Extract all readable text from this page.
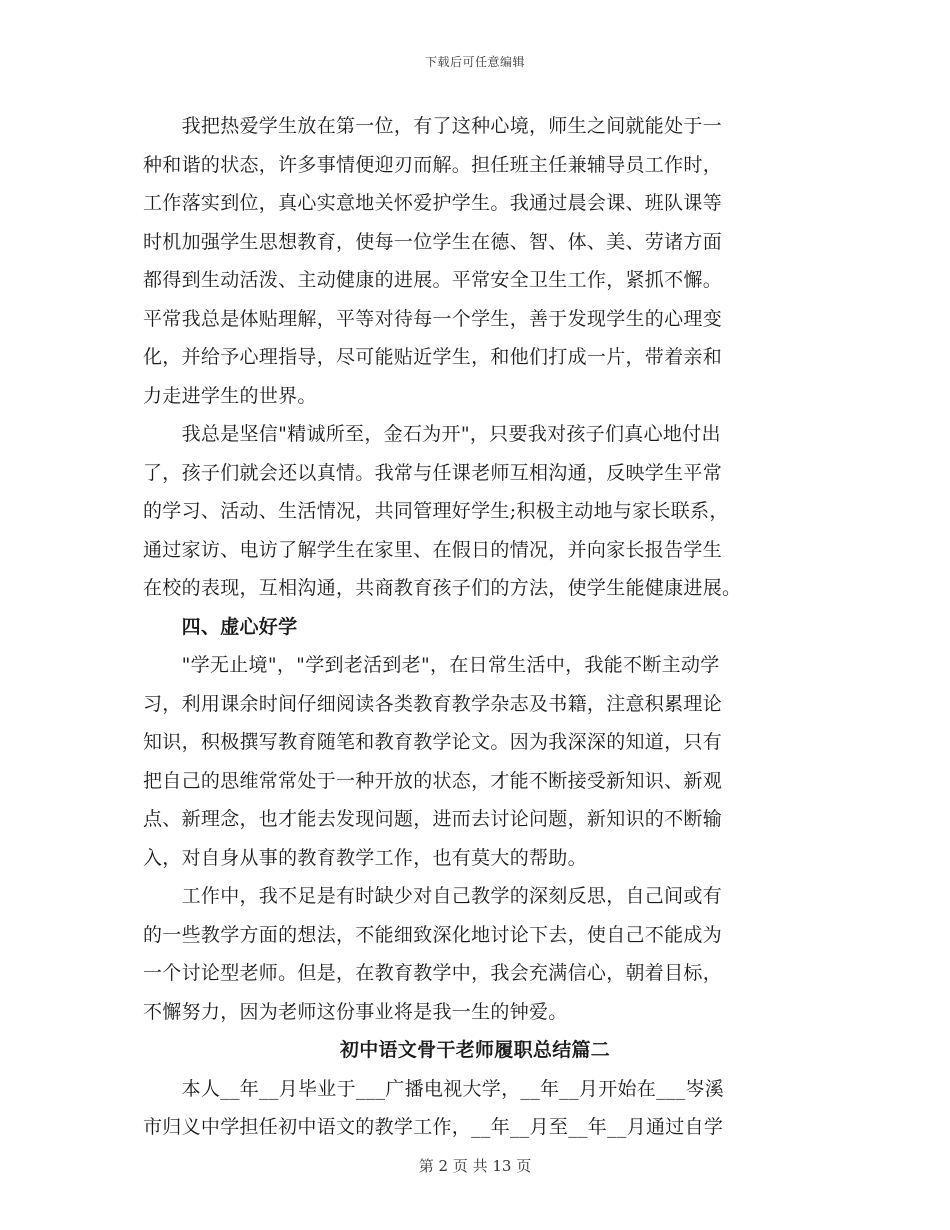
下载后可任意编辑
　　我把热爱学生放在第一位，有了这种心境，师生之间就能处于一
种和谐的状态，许多事情便迎刃而解。担任班主任兼辅导员工作时，
工作落实到位，真心实意地关怀爱护学生。我通过晨会课、班队课等
时机加强学生思想教育，使每一位学生在德、智、体、美、劳诸方面
都得到生动活泼、主动健康的进展。平常安全卫生工作，紧抓不懈。
平常我总是体贴理解，平等对待每一个学生，善于发现学生的心理变
化，并给予心理指导，尽可能贴近学生，和他们打成一片，带着亲和
力走进学生的世界。
　　我总是坚信"精诚所至，金石为开"，只要我对孩子们真心地付出
了，孩子们就会还以真情。我常与任课老师互相沟通，反映学生平常
的学习、活动、生活情况，共同管理好学生;积极主动地与家长联系，
通过家访、电访了解学生在家里、在假日的情况，并向家长报告学生
在校的表现，互相沟通，共商教育孩子们的方法，使学生能健康进展。
　　四、虚心好学
　　"学无止境"，"学到老活到老"，在日常生活中，我能不断主动学
习，利用课余时间仔细阅读各类教育教学杂志及书籍，注意积累理论
知识，积极撰写教育随笔和教育教学论文。因为我深深的知道，只有
把自己的思维常常处于一种开放的状态，才能不断接受新知识、新观
点、新理念，也才能去发现问题，进而去讨论问题，新知识的不断输
入，对自身从事的教育教学工作，也有莫大的帮助。
　　工作中，我不足是有时缺少对自己教学的深刻反思，自己间或有
的一些教学方面的想法，不能细致深化地讨论下去，使自己不能成为
一个讨论型老师。但是，在教育教学中，我会充满信心，朝着目标，
不懈努力，因为老师这份事业将是我一生的钟爱。
初中语文骨干老师履职总结篇二
　　本人__年__月毕业于___广播电视大学，__年__月开始在___岑溪
市归义中学担任初中语文的教学工作，__年__月至__年__月通过自学
第 2 页 共 13 页
